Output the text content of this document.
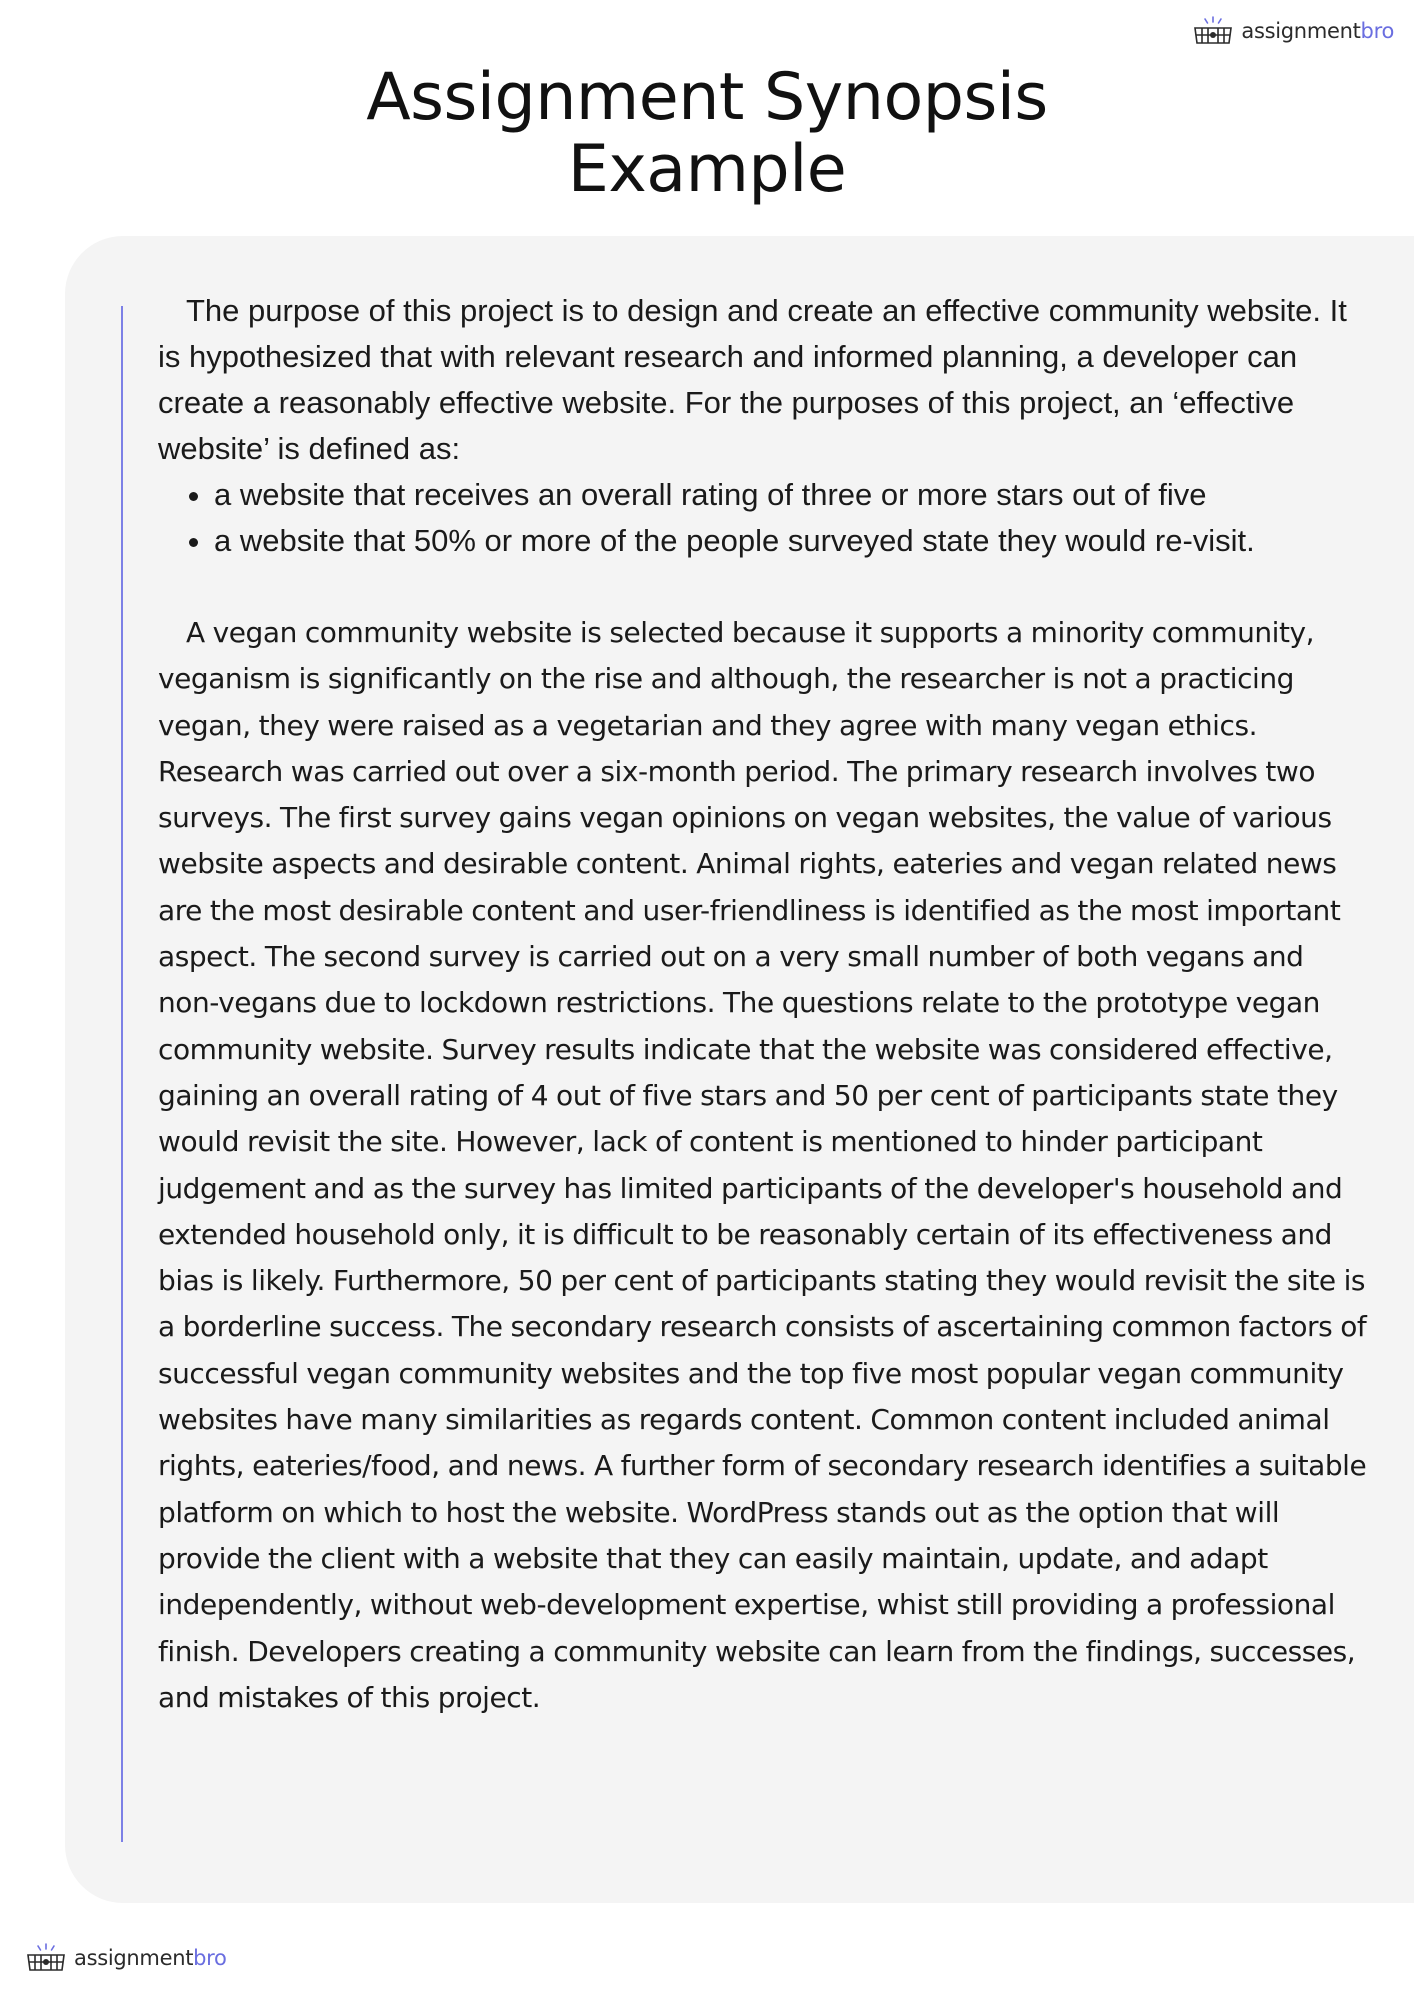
assignmentbro
Assignment Synopsis
Example

The purpose of this project is to design and create an effective community website. It is hypothesized that with relevant research and informed planning, a developer can create a reasonably effective website. For the purposes of this project, an ‘effective website’ is defined as:

• a website that receives an overall rating of three or more stars out of five
• a website that 50% or more of the people surveyed state they would re-visit.

A vegan community website is selected because it supports a minority community, veganism is significantly on the rise and although, the researcher is not a practicing vegan, they were raised as a vegetarian and they agree with many vegan ethics. Research was carried out over a six-month period. The primary research involves two surveys. The first survey gains vegan opinions on vegan websites, the value of various website aspects and desirable content. Animal rights, eateries and vegan related news are the most desirable content and user-friendliness is identified as the most important aspect. The second survey is carried out on a very small number of both vegans and non-vegans due to lockdown restrictions. The questions relate to the prototype vegan community website. Survey results indicate that the website was considered effective, gaining an overall rating of 4 out of five stars and 50 per cent of participants state they would revisit the site. However, lack of content is mentioned to hinder participant judgement and as the survey has limited participants of the developer's household and extended household only, it is difficult to be reasonably certain of its effectiveness and bias is likely. Furthermore, 50 per cent of participants stating they would revisit the site is a borderline success. The secondary research consists of ascertaining common factors of successful vegan community websites and the top five most popular vegan community websites have many similarities as regards content. Common content included animal rights, eateries/food, and news. A further form of secondary research identifies a suitable platform on which to host the website. WordPress stands out as the option that will provide the client with a website that they can easily maintain, update, and adapt independently, without web-development expertise, whist still providing a professional finish. Developers creating a community website can learn from the findings, successes, and mistakes of this project.

assignmentbro
